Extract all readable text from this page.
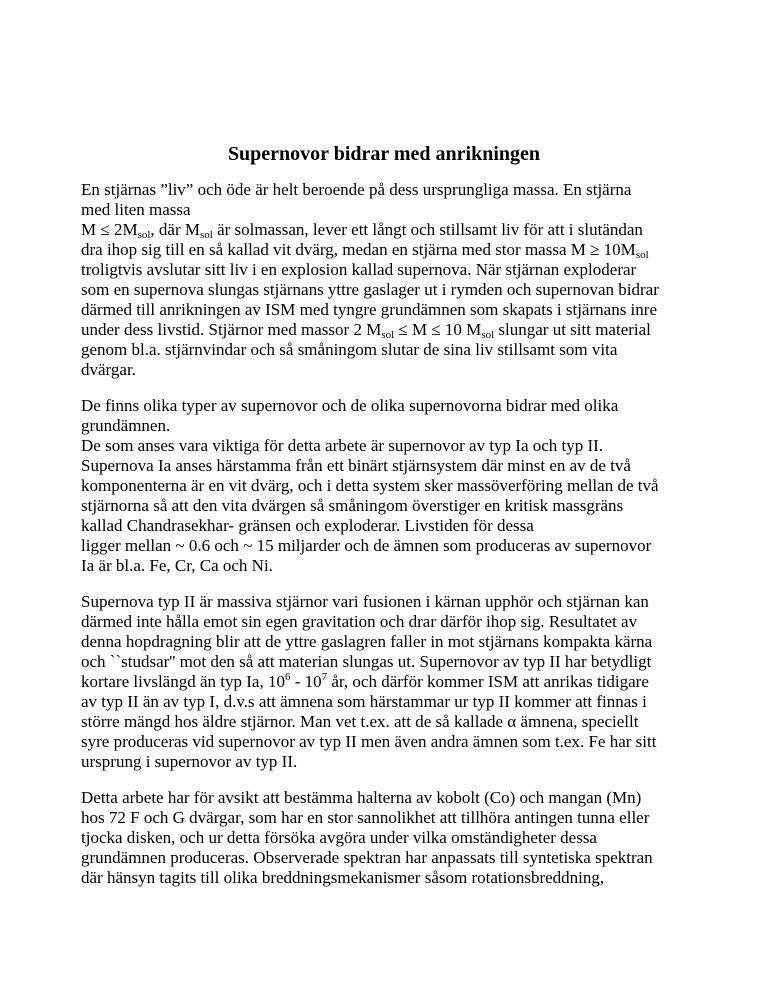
Supernovor bidrar med anrikningen

En stjärnas ”liv” och öde är helt beroende på dess ursprungliga massa. En stjärna

med liten massa

$M \le 2M_{sol}$, där $M_{sol}$ är solmassan, lever ett långt och stillsamt liv för att i slutändan

dra ihop sig till en så kallad vit dvärg, medan en stjärna med stor massa $M \ge 10M_{sol}$

troligtvis avslutar sitt liv i en explosion kallad supernova. När stjärnan exploderar

som en supernova slungas stjärnans yttre gaslager ut i rymden och supernovan bidrar

därmed till anrikningen av ISM med tyngre grundämnen som skapats i stjärnans inre

under dess livstid. Stjärnor med massor 2 $M_{sol} \le M \le 10$ $M_{sol}$ slungar ut sitt material

genom bl.a. stjärnvindar och så småningom slutar de sina liv stillsamt som vita

dvärgar.

De finns olika typer av supernovor och de olika supernovorna bidrar med olika

grundämnen.

De som anses vara viktiga för detta arbete är supernovor av typ Ia och typ II.

Supernova Ia anses härstamma från ett binärt stjärnsystem där minst en av de två

komponenterna är en vit dvärg, och i detta system sker massöverföring mellan de två

stjärnorna så att den vita dvärgen så småningom överstiger en kritisk massgräns

kallad Chandrasekhar- gränsen och exploderar. Livstiden för dessa

ligger mellan ~ 0.6 och ~ 15 miljarder och de ämnen som produceras av supernovor

Ia är bl.a. Fe, Cr, Ca och Ni.

Supernova typ II är massiva stjärnor vari fusionen i kärnan upphör och stjärnan kan

därmed inte hålla emot sin egen gravitation och drar därför ihop sig. Resultatet av

denna hopdragning blir att de yttre gaslagren faller in mot stjärnans kompakta kärna

och ``studsar'' mot den så att materian slungas ut. Supernovor av typ II har betydligt

kortare livslängd än typ Ia, $10^6 - 10^7$ år, och därför kommer ISM att anrikas tidigare

av typ II än av typ I, d.v.s att ämnena som härstammar ur typ II kommer att finnas i

större mängd hos äldre stjärnor. Man vet t.ex. att de så kallade α ämnena, speciellt

syre produceras vid supernovor av typ II men även andra ämnen som t.ex. Fe har sitt

ursprung i supernovor av typ II.

Detta arbete har för avsikt att bestämma halterna av kobolt (Co) och mangan (Mn)

hos 72 F och G dvärgar, som har en stor sannolikhet att tillhöra antingen tunna eller

tjocka disken, och ur detta försöka avgöra under vilka omständigheter dessa

grundämnen produceras. Observerade spektran har anpassats till syntetiska spektran

där hänsyn tagits till olika breddningsmekanismer såsom rotationsbreddning,
